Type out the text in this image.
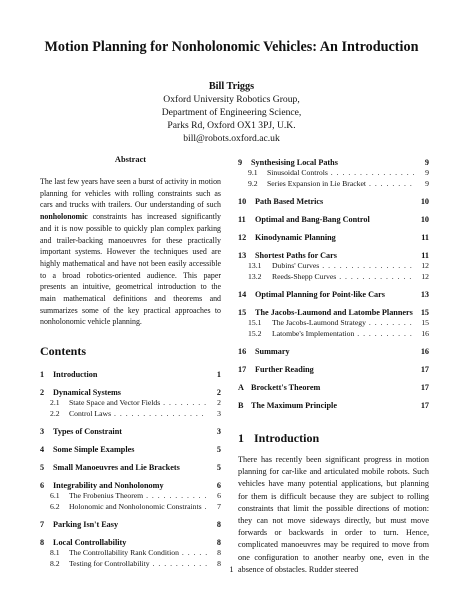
Motion Planning for Nonholonomic Vehicles: An Introduction
Bill Triggs
Oxford University Robotics Group,
Department of Engineering Science,
Parks Rd, Oxford OX1 3PJ, U.K.
bill@robots.oxford.ac.uk
Abstract

The last few years have seen a burst of activity in motion planning for vehicles with rolling constraints such as cars and trucks with trailers. Our understanding of such nonholonomic constraints has increased significantly and it is now possible to quickly plan complex parking and trailer-backing manoeuvres for these practically important systems. However the techniques used are highly mathematical and have not been easily accessible to a broad robotics-oriented audience. This paper presents an intuitive, geometrical introduction to the main mathematical definitions and theorems and summarizes some of the key practical approaches to nonholonomic vehicle planning.

Contents
1	Introduction	1
2	Dynamical Systems	2
2.1	State Space and Vector Fields . . .	2
2.2	Control Laws . . .	3
3	Types of Constraint	3
4	Some Simple Examples	5
5	Small Manoeuvres and Lie Brackets	5
6	Integrability and Nonholonomy	6
6.1	The Frobenius Theorem . . .	6
6.2	Holonomic and Nonholonomic Constraints . . .	7
7	Parking Isn't Easy	8
8	Local Controllability	8
8.1	The Controllability Rank Condition . . .	8
8.2	Testing for Controllability . . .	8
9	Synthesising Local Paths	9
9.1	Sinusoidal Controls . . .	9
9.2	Series Expansion in Lie Bracket . . .	9
10	Path Based Metrics	10
11	Optimal and Bang-Bang Control	10
12	Kinodynamic Planning	11
13	Shortest Paths for Cars	11
13.1	Dubins' Curves . . .	12
13.2	Reeds-Shepp Curves . . .	12
14	Optimal Planning for Point-like Cars	13
15	The Jacobs-Laumond and Latombe Planners 15
15.1	The Jacobs-Laumond Strategy . . .	15
15.2	Latombe's Implementation . . .	16
16	Summary	16
17	Further Reading	17
A Brockett's Theorem	17
B The Maximum Principle	17
1 Introduction

There has recently been significant progress in motion planning for car-like and articulated mobile robots. Such vehicles have many potential applications, but planning for them is difficult because they are subject to rolling constraints that limit the possible directions of motion: they can not move sideways directly, but must move forwards or backwards in order to turn. Hence, complicated manoeuvres may be required to move from one configuration to another nearby one, even in the absence of obstacles. Rudder steered

1
